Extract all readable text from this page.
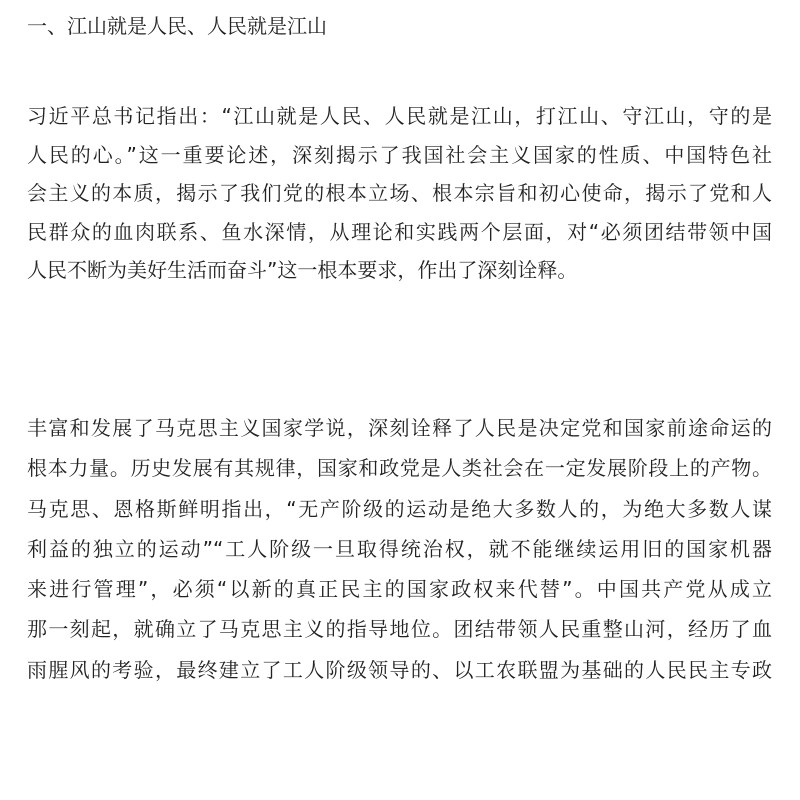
一、江山就是人民、人民就是江山
习近平总书记指出：“江山就是人民、人民就是江山，打江山、守江山，守的是
人民的心。”这一重要论述，深刻揭示了我国社会主义国家的性质、中国特色社
会主义的本质，揭示了我们党的根本立场、根本宗旨和初心使命，揭示了党和人
民群众的血肉联系、鱼水深情，从理论和实践两个层面，对“必须团结带领中国
人民不断为美好生活而奋斗”这一根本要求，作出了深刻诠释。
丰富和发展了马克思主义国家学说，深刻诠释了人民是决定党和国家前途命运的
根本力量。历史发展有其规律，国家和政党是人类社会在一定发展阶段上的产物。
马克思、恩格斯鲜明指出，“无产阶级的运动是绝大多数人的，为绝大多数人谋
利益的独立的运动”“工人阶级一旦取得统治权，就不能继续运用旧的国家机器
来进行管理”，必须“以新的真正民主的国家政权来代替”。中国共产党从成立
那一刻起，就确立了马克思主义的指导地位。团结带领人民重整山河，经历了血
雨腥风的考验，最终建立了工人阶级领导的、以工农联盟为基础的人民民主专政
